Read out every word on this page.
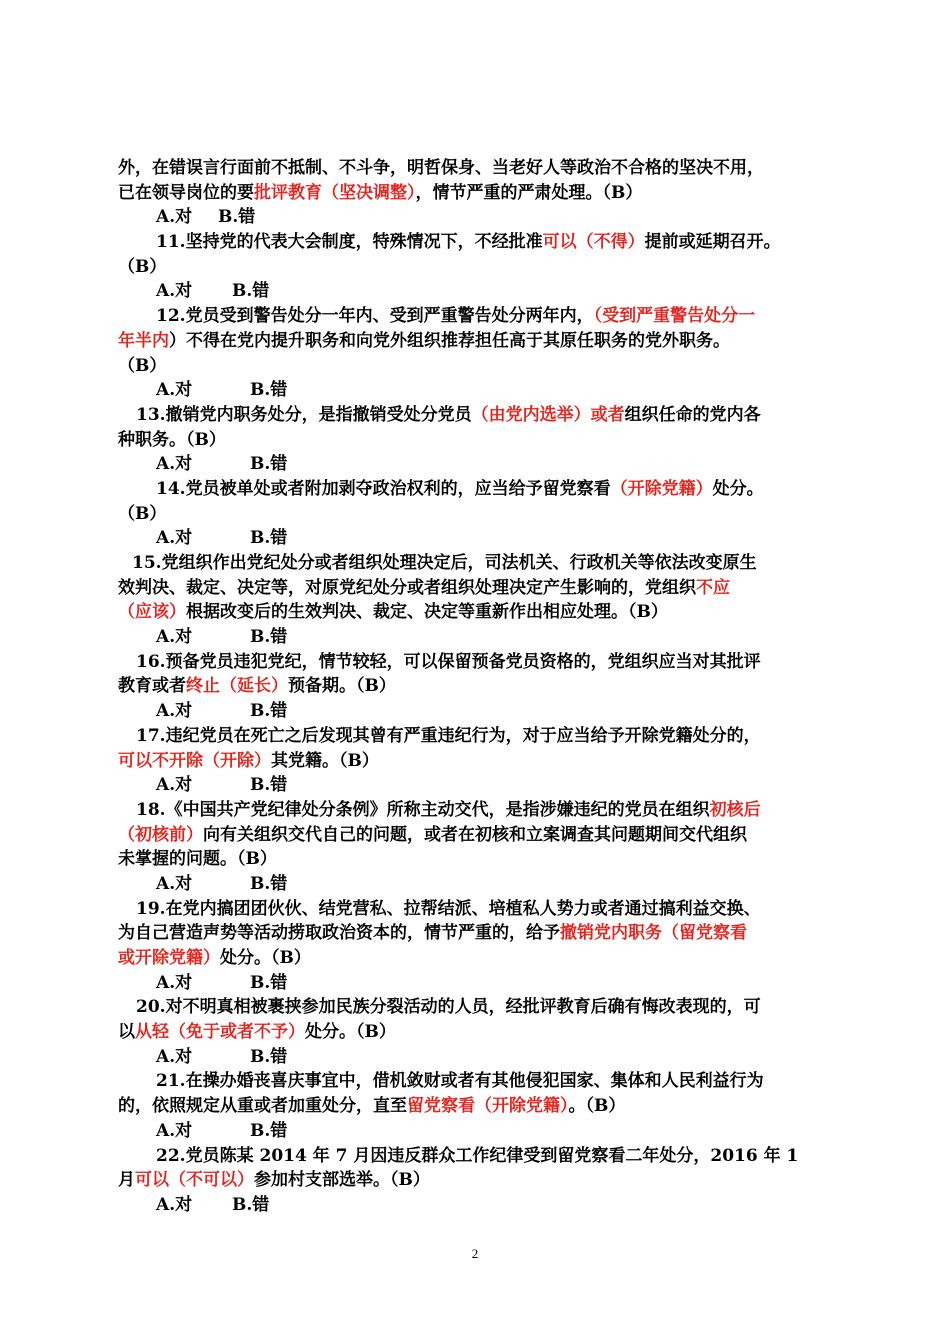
外，在错误言行面前不抵制、不斗争，明哲保身、当老好人等政治不合格的坚决不用，
已在领导岗位的要批评教育（坚决调整），情节严重的严肃处理。（B）
A.对 B.错
11.坚持党的代表大会制度，特殊情况下，不经批准可以（不得）提前或延期召开。
（B）
A.对 B.错
12.党员受到警告处分一年内、受到严重警告处分两年内，（受到严重警告处分一
年半内）不得在党内提升职务和向党外组织推荐担任高于其原任职务的党外职务。
（B）
A.对	B.错
13.撤销党内职务处分，是指撤销受处分党员（由党内选举）或者组织任命的党内各
种职务。（B）
A.对	B.错
14.党员被单处或者附加剥夺政治权利的，应当给予留党察看（开除党籍）处分。
（B）
A.对	B.错
15.党组织作出党纪处分或者组织处理决定后，司法机关、行政机关等依法改变原生
效判决、裁定、决定等，对原党纪处分或者组织处理决定产生影响的，党组织不应
（应该）根据改变后的生效判决、裁定、决定等重新作出相应处理。（B）
A.对	B.错
16.预备党员违犯党纪，情节较轻，可以保留预备党员资格的，党组织应当对其批评
教育或者终止（延长）预备期。（B）
A.对	B.错
17.违纪党员在死亡之后发现其曾有严重违纪行为，对于应当给予开除党籍处分的，
可以不开除（开除）其党籍。（B）
A.对	B.错
18.《中国共产党纪律处分条例》所称主动交代，是指涉嫌违纪的党员在组织初核后
（初核前）向有关组织交代自己的问题，或者在初核和立案调查其问题期间交代组织
未掌握的问题。（B）
A.对	B.错
19.在党内搞团团伙伙、结党营私、拉帮结派、培植私人势力或者通过搞利益交换、
为自己营造声势等活动捞取政治资本的，情节严重的，给予撤销党内职务（留党察看
或开除党籍）处分。（B）
A.对	B.错
20.对不明真相被裹挟参加民族分裂活动的人员，经批评教育后确有悔改表现的，可
以从轻（免于或者不予）处分。（B）
A.对	B.错
21.在操办婚丧喜庆事宜中，借机敛财或者有其他侵犯国家、集体和人民利益行为
的，依照规定从重或者加重处分，直至留党察看（开除党籍）。（B）
A.对	B.错
22.党员陈某 2014 年 7 月因违反群众工作纪律受到留党察看二年处分，2016 年 1
月可以（不可以）参加村支部选举。（B）
A.对 B.错
2
